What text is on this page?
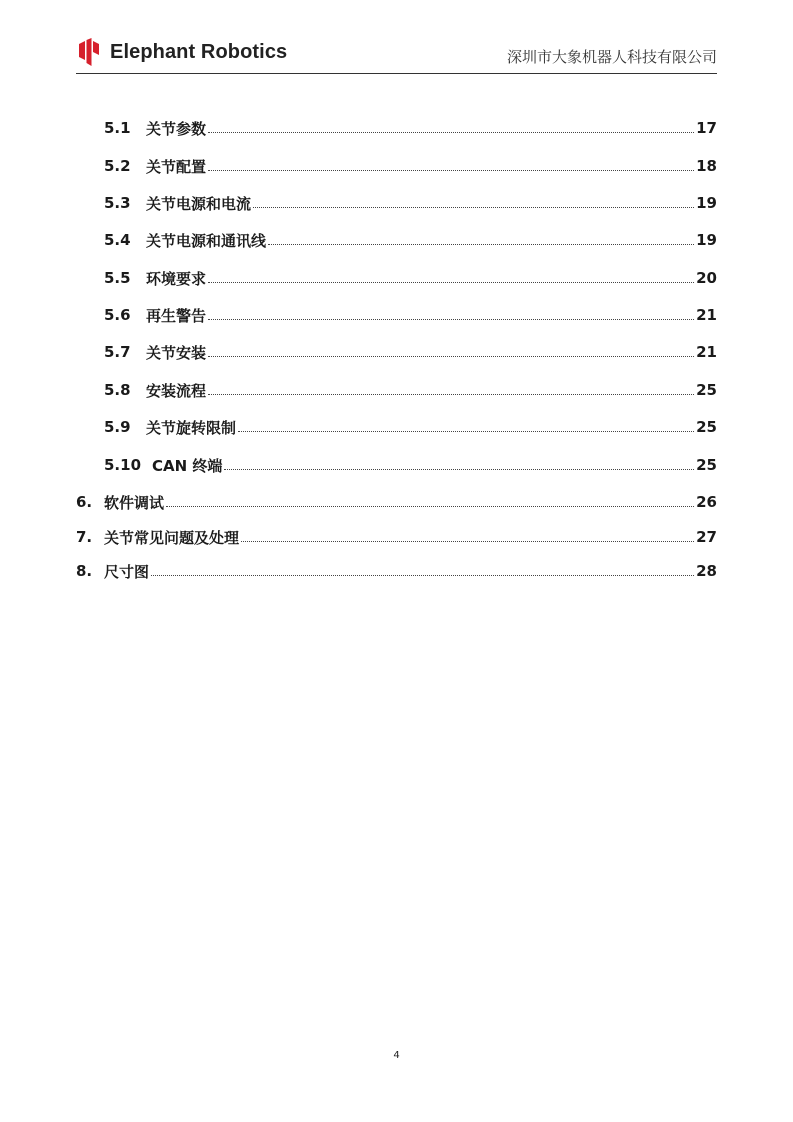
Elephant Robotics	深圳市大象机器人科技有限公司
5.1	关节参数	17
5.2	关节配置	18
5.3	关节电源和电流	19
5.4	关节电源和通讯线	19
5.5	环境要求	20
5.6	再生警告	21
5.7	关节安装	21
5.8	安装流程	25
5.9	关节旋转限制	25
5.10 CAN 终端	25
6. 软件调试	26
7. 关节常见问题及处理	27
8. 尺寸图	28
4
